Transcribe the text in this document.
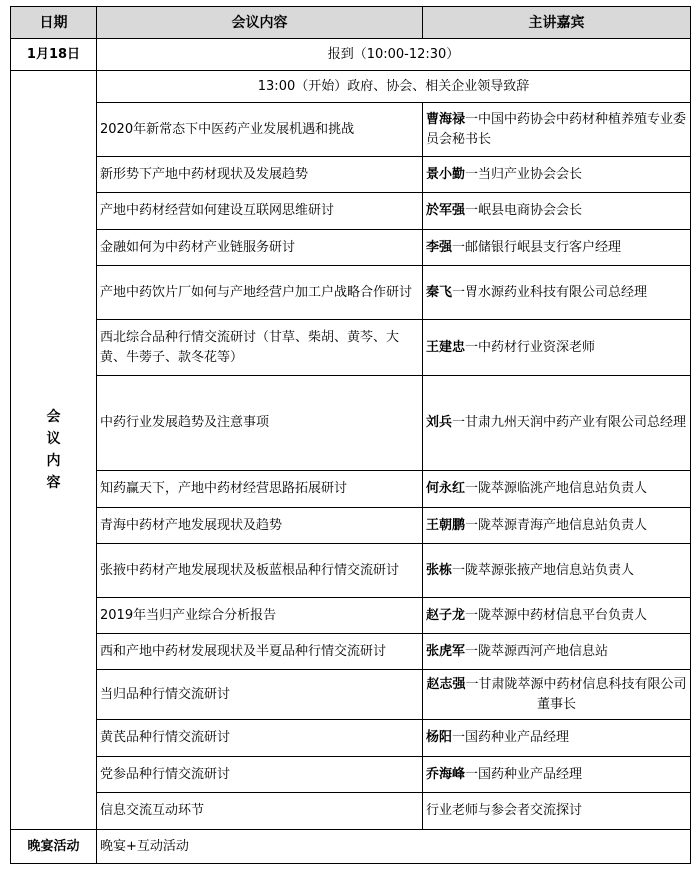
日期	会议内容	主讲嘉宾
1月18日	报到（10:00-12:30）	

会
议
内
容	13:00（开始）政府、协会、相关企业领导致辞	
	2020年新常态下中医药产业发展机遇和挑战	曹海禄一中国中药协会中药材种植养殖专业委员会秘书长
	新形势下产地中药材现状及发展趋势	景小勤一当归产业协会会长
	产地中药材经营如何建设互联网思维研讨	於军强一岷县电商协会会长
	金融如何为中药材产业链服务研讨	李强一邮储银行岷县支行客户经理
	产地中药饮片厂如何与产地经营户加工户战略合作研讨	秦飞一胃水源药业科技有限公司总经理
	西北综合品种行情交流研讨（甘草、柴胡、黄芩、大黄、牛蒡子、款冬花等）	王建忠一中药材行业资深老师
	中药行业发展趋势及注意事项	刘兵一甘肃九州天润中药产业有限公司总经理
	知药赢天下，产地中药材经营思路拓展研讨	何永红一陇萃源临洮产地信息站负责人
	青海中药材产地发展现状及趋势	王朝鹏一陇萃源青海产地信息站负责人
	张掖中药材产地发展现状及板蓝根品种行情交流研讨	张栋一陇萃源张掖产地信息站负责人
	2019年当归产业综合分析报告	赵子龙一陇萃源中药材信息平台负责人
	西和产地中药材发展现状及半夏品种行情交流研讨	张虎军一陇萃源西河产地信息站
	当归品种行情交流研讨	赵志强一甘肃陇萃源中药材信息科技有限公司董事长
	黄芪品种行情交流研讨	杨阳一国药种业产品经理
	党参品种行情交流研讨	乔海峰一国药种业产品经理
	信息交流互动环节	行业老师与参会者交流探讨
晚宴活动	晚宴+互动活动	
